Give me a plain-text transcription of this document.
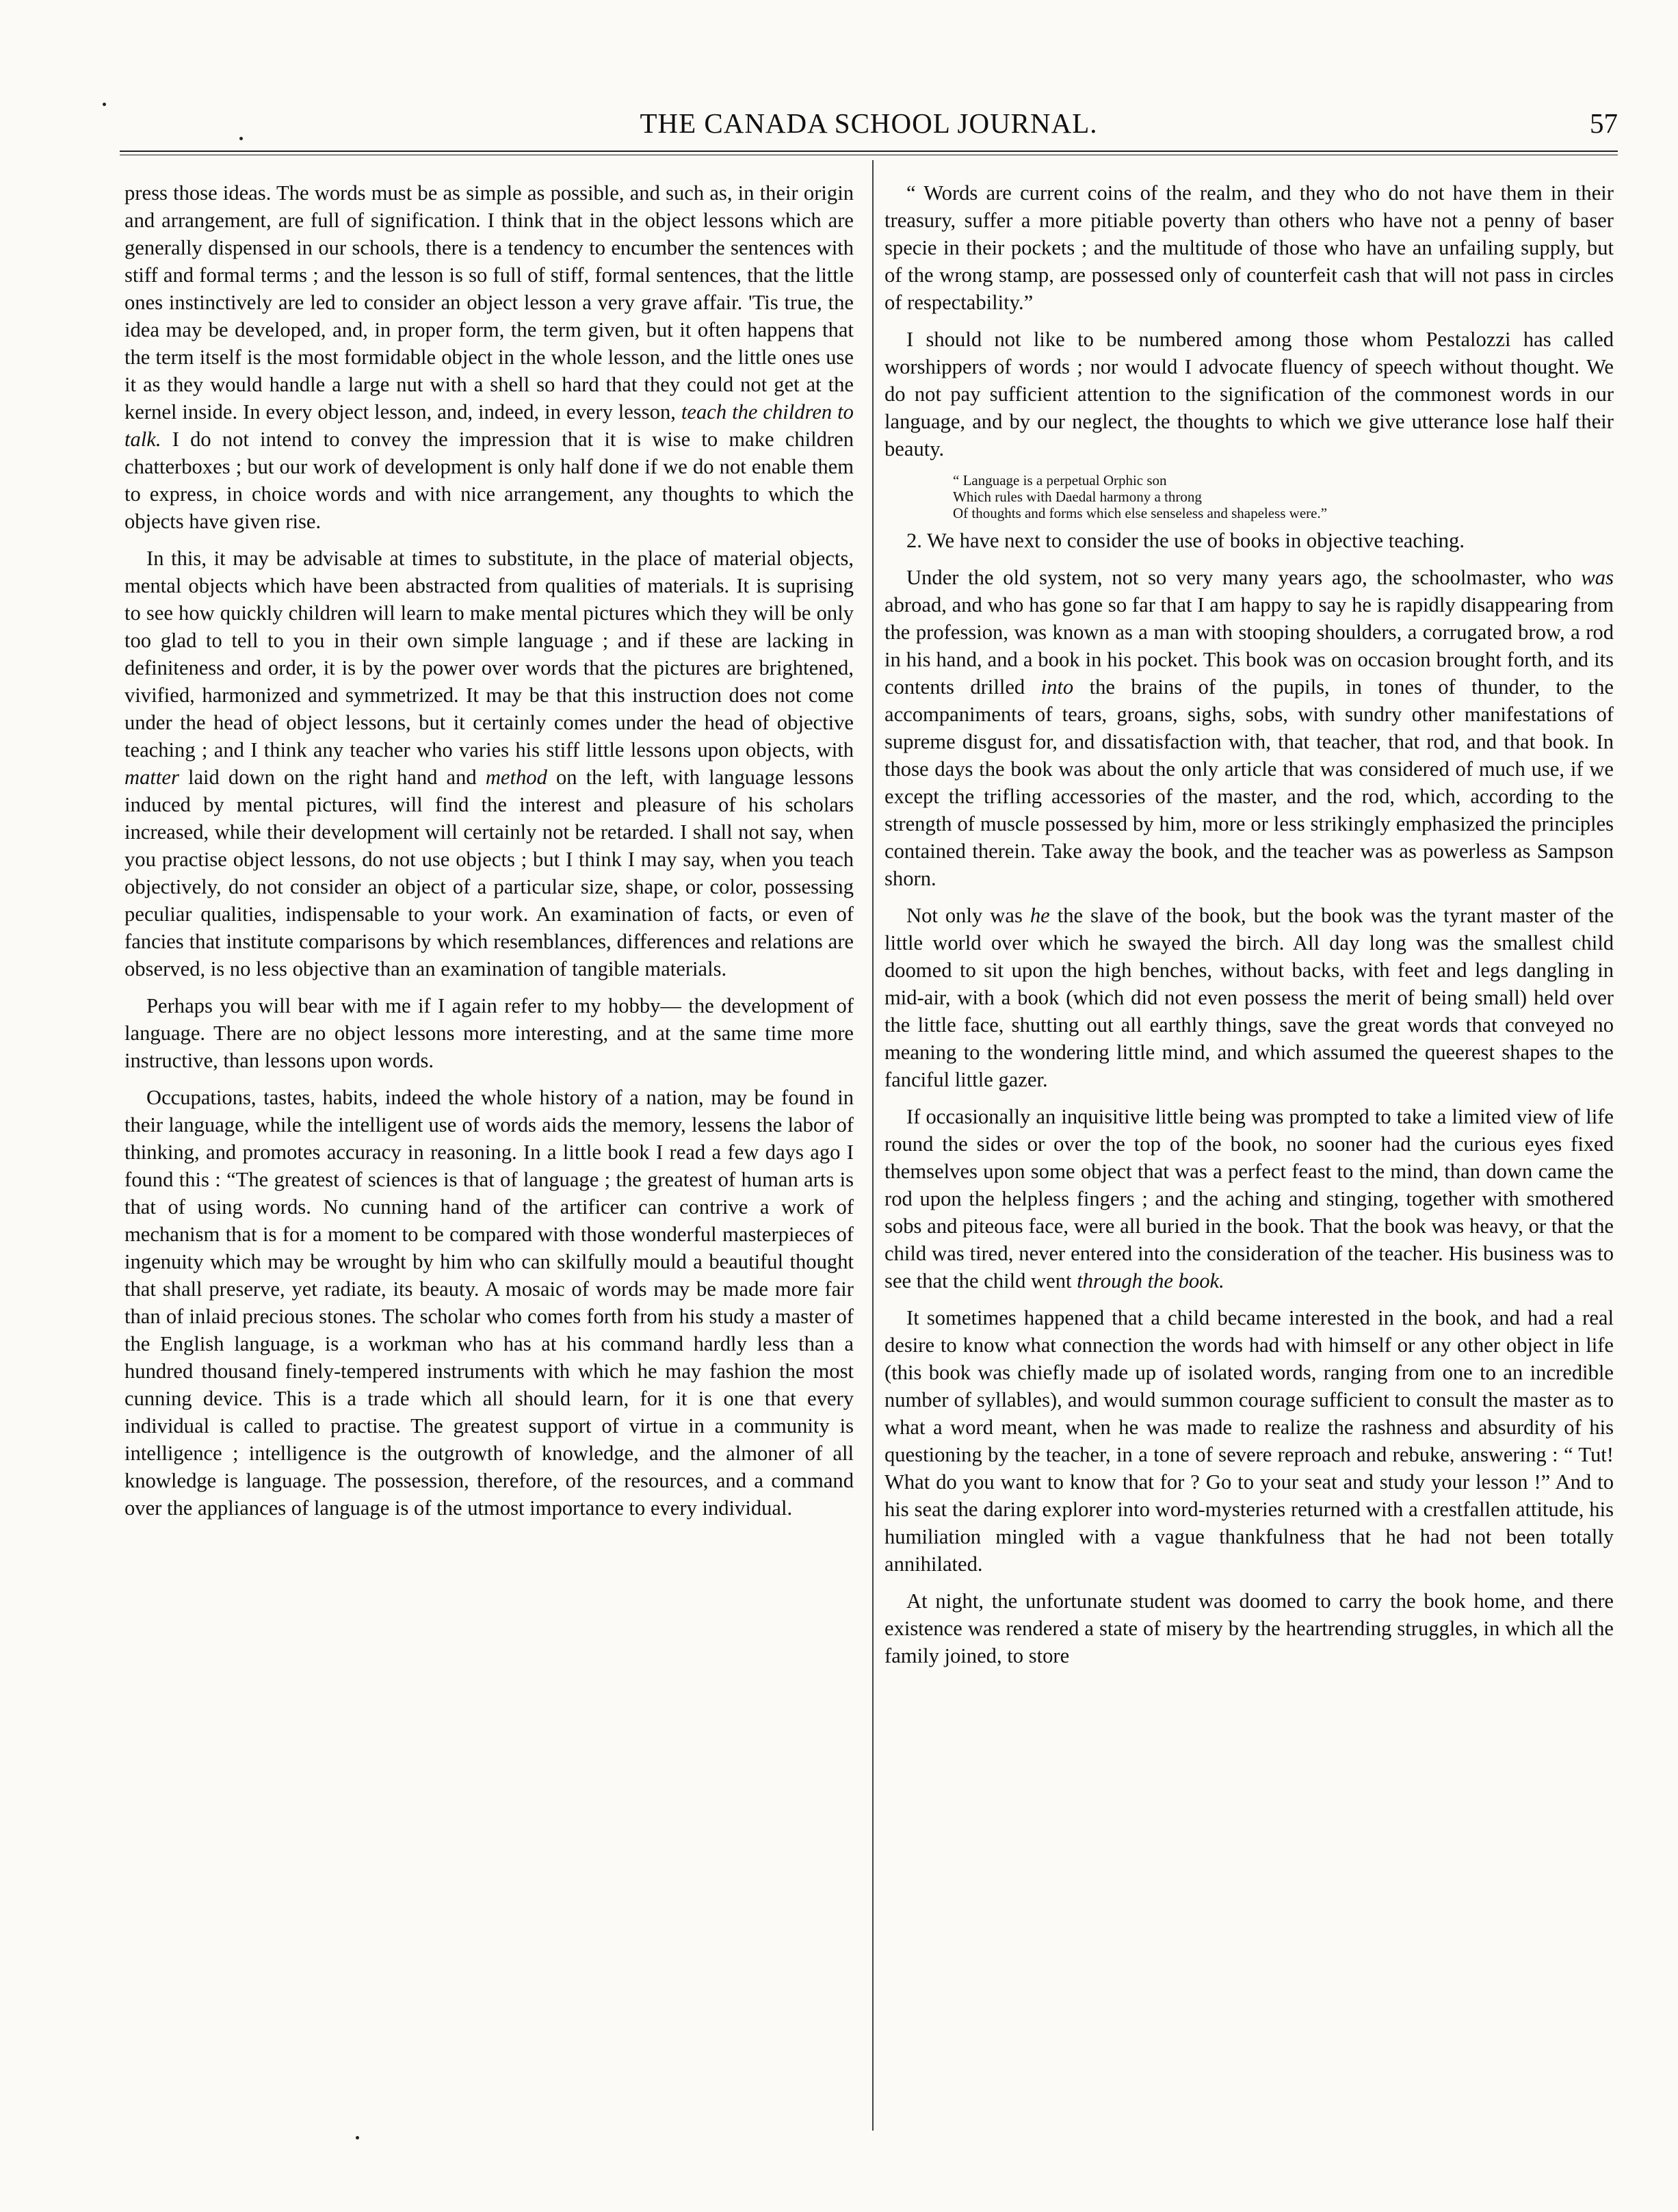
THE CANADA SCHOOL JOURNAL.	57

press those ideas. The words must be as simple as possible, and such as, in their origin and arrangement, are full of signification. I think that in the object lessons which are generally dispensed in our schools, there is a tendency to encumber the sentences with stiff and formal terms ; and the lesson is so full of stiff, formal sentences, that the little ones instinctively are led to consider an object lesson a very grave affair. 'Tis true, the idea may be developed, and, in proper form, the term given, but it often happens that the term itself is the most formidable object in the whole lesson, and the little ones use it as they would handle a large nut with a shell so hard that they could not get at the kernel inside. In every object lesson, and, indeed, in every lesson, teach the children to talk. I do not intend to convey the impression that it is wise to make children chatterboxes ; but our work of development is only half done if we do not enable them to express, in choice words and with nice arrangement, any thoughts to which the objects have given rise.

In this, it may be advisable at times to substitute, in the place of material objects, mental objects which have been abstracted from qualities of materials. It is suprising to see how quickly children will learn to make mental pictures which they will be only too glad to tell to you in their own simple language ; and if these are lacking in definiteness and order, it is by the power over words that the pictures are brightened, vivified, harmonized and symmetrized. It may be that this instruction does not come under the head of object lessons, but it certainly comes under the head of objective teaching ; and I think any teacher who varies his stiff little lessons upon objects, with matter laid down on the right hand and method on the left, with language lessons induced by mental pictures, will find the interest and pleasure of his scholars increased, while their development will certainly not be retarded. I shall not say, when you practise object lessons, do not use objects ; but I think I may say, when you teach objectively, do not consider an object of a particular size, shape, or color, possessing peculiar qualities, indispensable to your work. An examination of facts, or even of fancies that institute comparisons by which resemblances, differences and relations are observed, is no less objective than an examination of tangible materials.

Perhaps you will bear with me if I again refer to my hobby— the development of language. There are no object lessons more interesting, and at the same time more instructive, than lessons upon words.

Occupations, tastes, habits, indeed the whole history of a nation, may be found in their language, while the intelligent use of words aids the memory, lessens the labor of thinking, and promotes accuracy in reasoning. In a little book I read a few days ago I found this : “The greatest of sciences is that of language ; the greatest of human arts is that of using words. No cunning hand of the artificer can contrive a work of mechanism that is for a moment to be compared with those wonderful masterpieces of ingenuity which may be wrought by him who can skilfully mould a beautiful thought that shall preserve, yet radiate, its beauty. A mosaic of words may be made more fair than of inlaid precious stones. The scholar who comes forth from his study a master of the English language, is a workman who has at his command hardly less than a hundred thousand finely-tempered instruments with which he may fashion the most cunning device. This is a trade which all should learn, for it is one that every individual is called to practise. The greatest support of virtue in a community is intelligence ; intelligence is the outgrowth of knowledge, and the almoner of all knowledge is language. The possession, therefore, of the resources, and a command over the appliances of language is of the utmost importance to every individual.

“ Words are current coins of the realm, and they who do not have them in their treasury, suffer a more pitiable poverty than others who have not a penny of baser specie in their pockets ; and the multitude of those who have an unfailing supply, but of the wrong stamp, are possessed only of counterfeit cash that will not pass in circles of respectability.”

I should not like to be numbered among those whom Pestalozzi has called worshippers of words ; nor would I advocate fluency of speech without thought. We do not pay sufficient attention to the signification of the commonest words in our language, and by our neglect, the thoughts to which we give utterance lose half their beauty.

“ Language is a perpetual Orphic son
Which rules with Daedal harmony a throng
Of thoughts and forms which else senseless and shapeless were.”

2. We have next to consider the use of books in objective teaching.

Under the old system, not so very many years ago, the schoolmaster, who was abroad, and who has gone so far that I am happy to say he is rapidly disappearing from the profession, was known as a man with stooping shoulders, a corrugated brow, a rod in his hand, and a book in his pocket. This book was on occasion brought forth, and its contents drilled into the brains of the pupils, in tones of thunder, to the accompaniments of tears, groans, sighs, sobs, with sundry other manifestations of supreme disgust for, and dissatisfaction with, that teacher, that rod, and that book. In those days the book was about the only article that was considered of much use, if we except the trifling accessories of the master, and the rod, which, according to the strength of muscle possessed by him, more or less strikingly emphasized the principles contained therein. Take away the book, and the teacher was as powerless as Sampson shorn.

Not only was he the slave of the book, but the book was the tyrant master of the little world over which he swayed the birch. All day long was the smallest child doomed to sit upon the high benches, without backs, with feet and legs dangling in mid-air, with a book (which did not even possess the merit of being small) held over the little face, shutting out all earthly things, save the great words that conveyed no meaning to the wondering little mind, and which assumed the queerest shapes to the fanciful little gazer.

If occasionally an inquisitive little being was prompted to take a limited view of life round the sides or over the top of the book, no sooner had the curious eyes fixed themselves upon some object that was a perfect feast to the mind, than down came the rod upon the helpless fingers ; and the aching and stinging, together with smothered sobs and piteous face, were all buried in the book. That the book was heavy, or that the child was tired, never entered into the consideration of the teacher. His business was to see that the child went through the book.

It sometimes happened that a child became interested in the book, and had a real desire to know what connection the words had with himself or any other object in life (this book was chiefly made up of isolated words, ranging from one to an incredible number of syllables), and would summon courage sufficient to consult the master as to what a word meant, when he was made to realize the rashness and absurdity of his questioning by the teacher, in a tone of severe reproach and rebuke, answering : “ Tut! What do you want to know that for ? Go to your seat and study your lesson !” And to his seat the daring explorer into word-mysteries returned with a crestfallen attitude, his humiliation mingled with a vague thankfulness that he had not been totally annihilated.

At night, the unfortunate student was doomed to carry the book home, and there existence was rendered a state of misery by the heartrending struggles, in which all the family joined, to store
